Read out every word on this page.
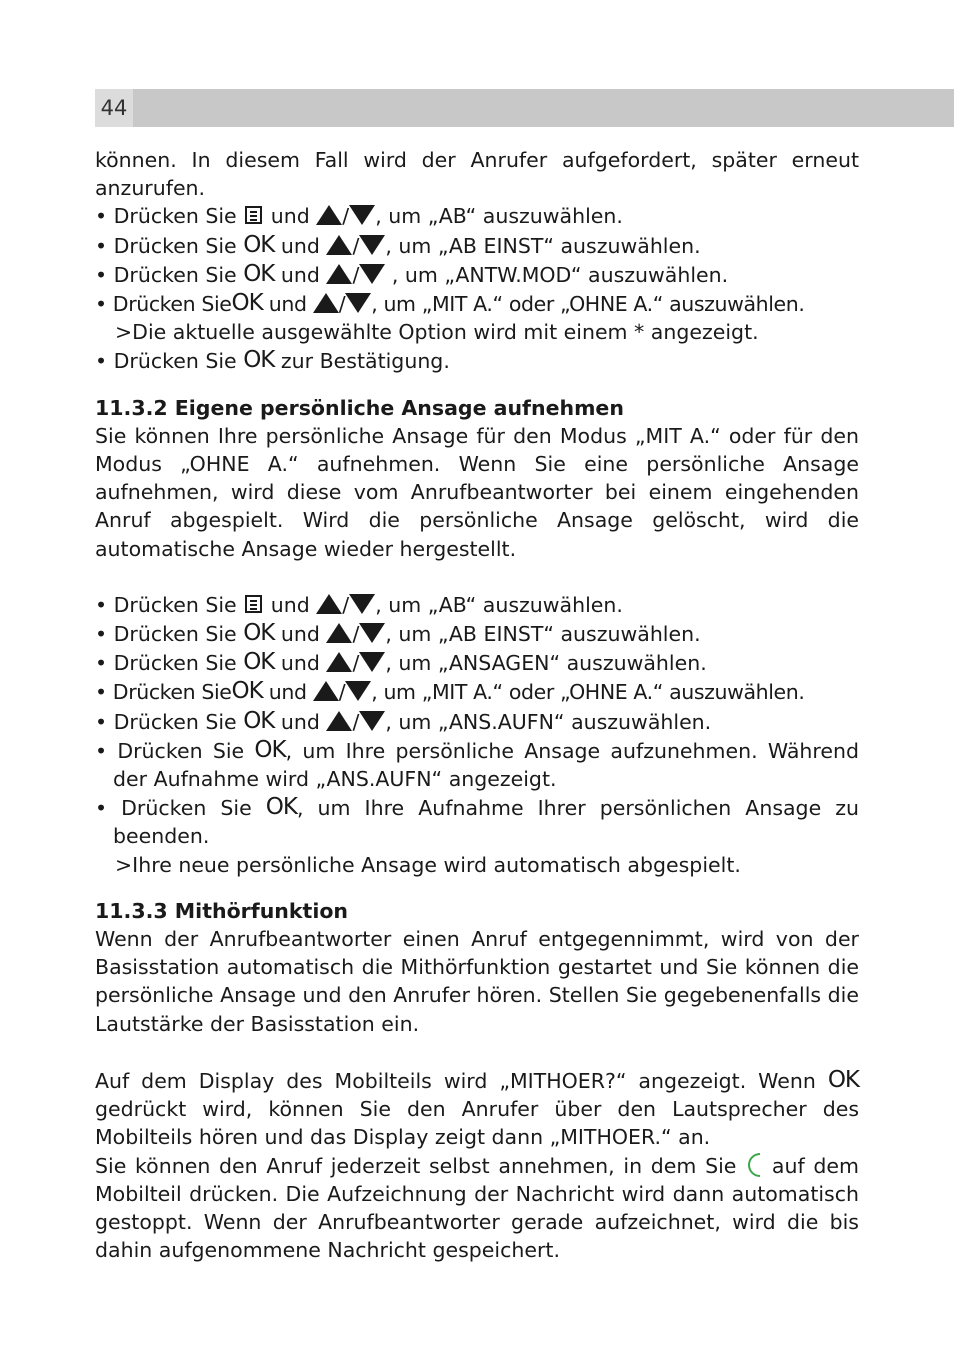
44

können. In diesem Fall wird der Anrufer aufgefordert, später erneut anzurufen.

• Drücken Sie und / , um „AB“ auszuwählen.
• Drücken Sie OK und / , um „AB EINST“ auszuwählen.
• Drücken Sie OK und / , um „ANTW.MOD“ auszuwählen.
• Drücken SieOK und / , um „MIT A.“ oder „OHNE A.“ auszuwählen.
>Die aktuelle ausgewählte Option wird mit einem * angezeigt.
• Drücken Sie OK zur Bestätigung.

11.3.2 Eigene persönliche Ansage aufnehmen

Sie können Ihre persönliche Ansage für den Modus „MIT A.“ oder für den Modus „OHNE A.“ aufnehmen. Wenn Sie eine persönliche Ansage aufnehmen, wird diese vom Anrufbeantworter bei einem eingehenden Anruf abgespielt. Wird die persönliche Ansage gelöscht, wird die automatische Ansage wieder hergestellt.

• Drücken Sie und / , um „AB“ auszuwählen.
• Drücken Sie OK und / , um „AB EINST“ auszuwählen.
• Drücken Sie OK und / , um „ANSAGEN“ auszuwählen.
• Drücken SieOK und / , um „MIT A.“ oder „OHNE A.“ auszuwählen.
• Drücken Sie OK und / , um „ANS.AUFN“ auszuwählen.
• Drücken Sie OK, um Ihre persönliche Ansage aufzunehmen. Während der Aufnahme wird „ANS.AUFN“ angezeigt.
• Drücken Sie OK, um Ihre Aufnahme Ihrer persönlichen Ansage zu beenden.
>Ihre neue persönliche Ansage wird automatisch abgespielt.

11.3.3 Mithörfunktion

Wenn der Anrufbeantworter einen Anruf entgegennimmt, wird von der Basisstation automatisch die Mithörfunktion gestartet und Sie können die persönliche Ansage und den Anrufer hören. Stellen Sie gegebenenfalls die Lautstärke der Basisstation ein.

Auf dem Display des Mobilteils wird „MITHOER?“ angezeigt. Wenn OK gedrückt wird, können Sie den Anrufer über den Lautsprecher des Mobilteils hören und das Display zeigt dann „MITHOER.“ an.

Sie können den Anruf jederzeit selbst annehmen, in dem Sie auf dem Mobilteil drücken. Die Aufzeichnung der Nachricht wird dann automatisch gestoppt. Wenn der Anrufbeantworter gerade aufzeichnet, wird die bis dahin aufgenommene Nachricht gespeichert.
